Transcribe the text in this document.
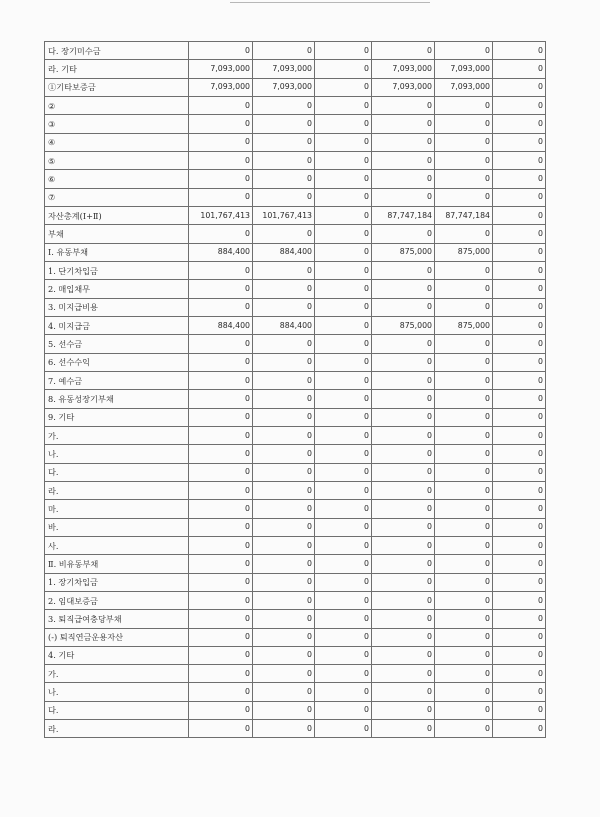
다. 장기미수금	0	0	0	0	0	0
라. 기타	7,093,000	7,093,000	0	7,093,000	7,093,000	0
①기타보증금	7,093,000	7,093,000	0	7,093,000	7,093,000	0
②	0	0	0	0	0	0
③	0	0	0	0	0	0
④	0	0	0	0	0	0
⑤	0	0	0	0	0	0
⑥	0	0	0	0	0	0
⑦	0	0	0	0	0	0
자산총계(Ⅰ+Ⅱ)	101,767,413	101,767,413	0	87,747,184	87,747,184	0
부채	0	0	0	0	0	0
Ⅰ. 유동부채	884,400	884,400	0	875,000	875,000	0
1. 단기차입금	0	0	0	0	0	0
2. 매입채무	0	0	0	0	0	0
3. 미지급비용	0	0	0	0	0	0
4. 미지급금	884,400	884,400	0	875,000	875,000	0
5. 선수금	0	0	0	0	0	0
6. 선수수익	0	0	0	0	0	0
7. 예수금	0	0	0	0	0	0
8. 유동성장기부채	0	0	0	0	0	0
9. 기타	0	0	0	0	0	0
가.	0	0	0	0	0	0
나.	0	0	0	0	0	0
다.	0	0	0	0	0	0
라.	0	0	0	0	0	0
마.	0	0	0	0	0	0
바.	0	0	0	0	0	0
사.	0	0	0	0	0	0
Ⅱ. 비유동부채	0	0	0	0	0	0
1. 장기차입금	0	0	0	0	0	0
2. 임대보증금	0	0	0	0	0	0
3. 퇴직급여충당부채	0	0	0	0	0	0
(-) 퇴직연금운용자산	0	0	0	0	0	0
4. 기타	0	0	0	0	0	0
가.	0	0	0	0	0	0
나.	0	0	0	0	0	0
다.	0	0	0	0	0	0
라.	0	0	0	0	0	0
